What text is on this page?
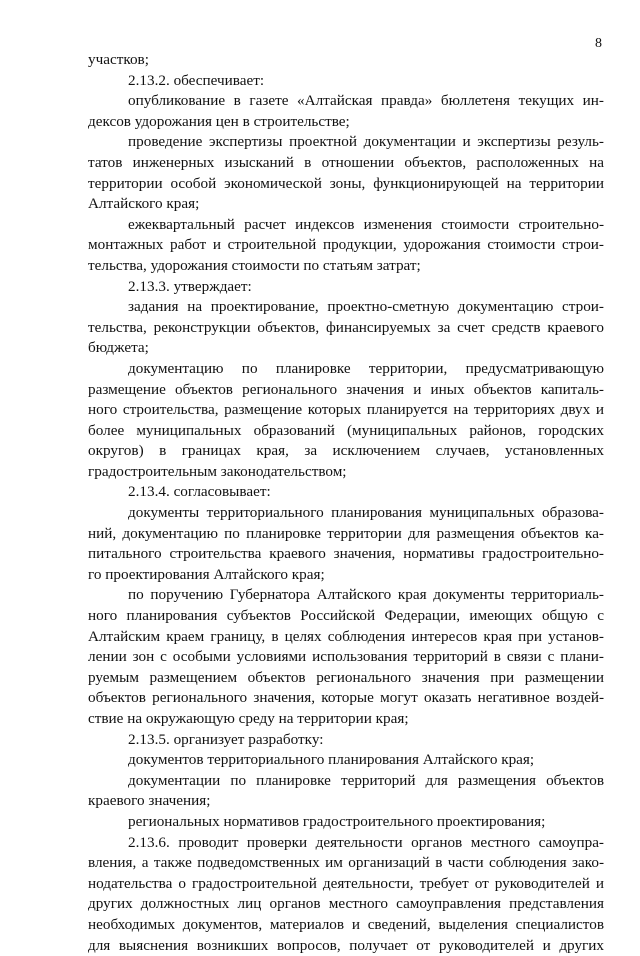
8
участков;
2.13.2. обеспечивает:
опубликование в газете «Алтайская правда» бюллетеня текущих ин-
дексов удорожания цен в строительстве;
проведение экспертизы проектной документации и экспертизы резуль-
татов инженерных изысканий в отношении объектов, расположенных на
территории особой экономической зоны, функционирующей на территории
Алтайского края;
ежеквартальный расчет индексов изменения стоимости строительно-
монтажных работ и строительной продукции, удорожания стоимости строи-
тельства, удорожания стоимости по статьям затрат;
2.13.3. утверждает:
задания на проектирование, проектно-сметную документацию строи-
тельства, реконструкции объектов, финансируемых за счет средств краевого
бюджета;
документацию по планировке территории, предусматривающую
размещение объектов регионального значения и иных объектов капиталь-
ного строительства, размещение которых планируется на территориях двух и
более муниципальных образований (муниципальных районов, городских
округов) в границах края, за исключением случаев, установленных
градостроительным законодательством;
2.13.4. согласовывает:
документы территориального планирования муниципальных образова-
ний, документацию по планировке территории для размещения объектов ка-
питального строительства краевого значения, нормативы градостроительно-
го проектирования Алтайского края;
по поручению Губернатора Алтайского края документы территориаль-
ного планирования субъектов Российской Федерации, имеющих общую с
Алтайским краем границу, в целях соблюдения интересов края при установ-
лении зон с особыми условиями использования территорий в связи с плани-
руемым размещением объектов регионального значения при размещении
объектов регионального значения, которые могут оказать негативное воздей-
ствие на окружающую среду на территории края;
2.13.5. организует разработку:
документов территориального планирования Алтайского края;
документации по планировке территорий для размещения объектов
краевого значения;
региональных нормативов градостроительного проектирования;
2.13.6. проводит проверки деятельности органов местного самоупра-
вления, а также подведомственных им организаций в части соблюдения зако-
нодательства о градостроительной деятельности, требует от руководителей и
других должностных лиц органов местного самоуправления представления
необходимых документов, материалов и сведений, выделения специалистов
для выяснения возникших вопросов, получает от руководителей и других
